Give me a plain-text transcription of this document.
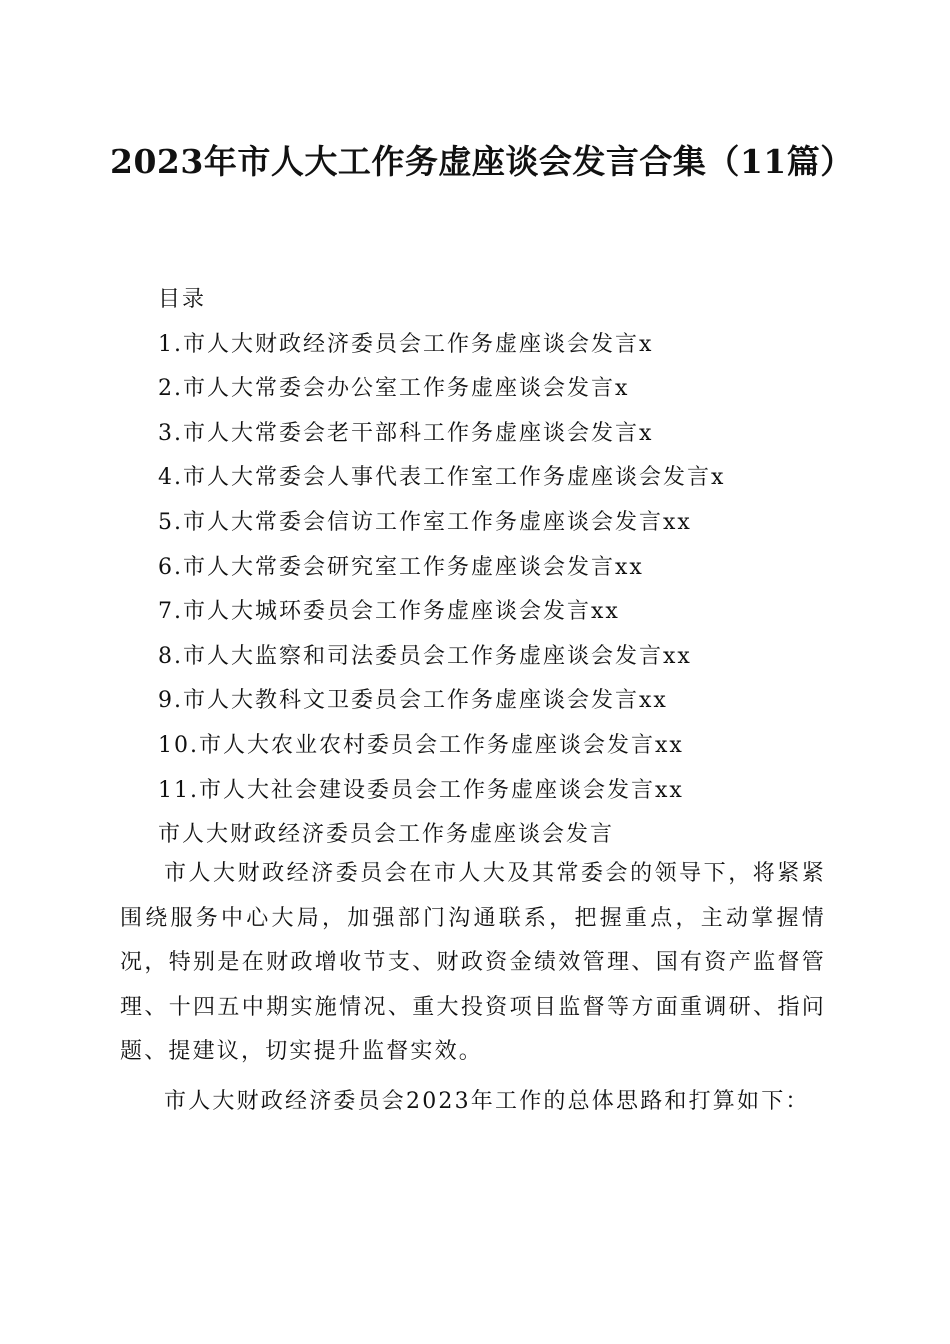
2023年市人大工作务虚座谈会发言合集（11篇）
目录
1.市人大财政经济委员会工作务虚座谈会发言x
2.市人大常委会办公室工作务虚座谈会发言x
3.市人大常委会老干部科工作务虚座谈会发言x
4.市人大常委会人事代表工作室工作务虚座谈会发言x
5.市人大常委会信访工作室工作务虚座谈会发言xx
6.市人大常委会研究室工作务虚座谈会发言xx
7.市人大城环委员会工作务虚座谈会发言xx
8.市人大监察和司法委员会工作务虚座谈会发言xx
9.市人大教科文卫委员会工作务虚座谈会发言xx
10.市人大农业农村委员会工作务虚座谈会发言xx
11.市人大社会建设委员会工作务虚座谈会发言xx
市人大财政经济委员会工作务虚座谈会发言

市人大财政经济委员会在市人大及其常委会的领导下，将紧紧围绕服务中心大局，加强部门沟通联系，把握重点，主动掌握情况，特别是在财政增收节支、财政资金绩效管理、国有资产监督管理、十四五中期实施情况、重大投资项目监督等方面重调研、指问题、提建议，切实提升监督实效。

市人大财政经济委员会2023年工作的总体思路和打算如下：
